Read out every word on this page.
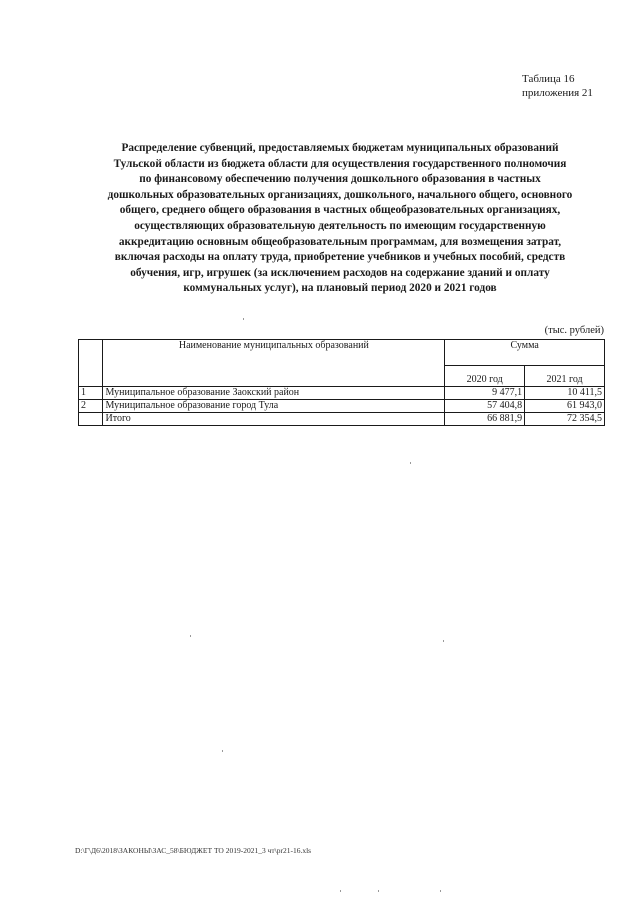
Таблица 16
приложения 21
Распределение субвенций, предоставляемых бюджетам муниципальных образований
Тульской области из бюджета области для осуществления государственного полномочия
по финансовому обеспечению получения дошкольного образования в частных
дошкольных образовательных организациях, дошкольного, начального общего, основного
общего, среднего общего образования в частных общеобразовательных организациях,
осуществляющих образовательную деятельность по имеющим государственную
аккредитацию основным общеобразовательным программам, для возмещения затрат,
включая расходы на оплату труда, приобретение учебников и учебных пособий, средств
обучения, игр, игрушек (за исключением расходов на содержание зданий и оплату
коммунальных услуг), на плановый период 2020 и 2021 годов
(тыс. рублей)
	Наименование муниципальных образований	Сумма	
		2020 год	2021 год
1	Муниципальное образование Заокский район	9 477,1	10 411,5
2	Муниципальное образование город Тула	57 404,8	61 943,0
	Итого	66 881,9	72 354,5
D:\Г\Д6\2018\ЗАКОНЫ\ЗАС_58\БЮДЖЕТ ТО 2019-2021_3 чт\pr21-16.xls
